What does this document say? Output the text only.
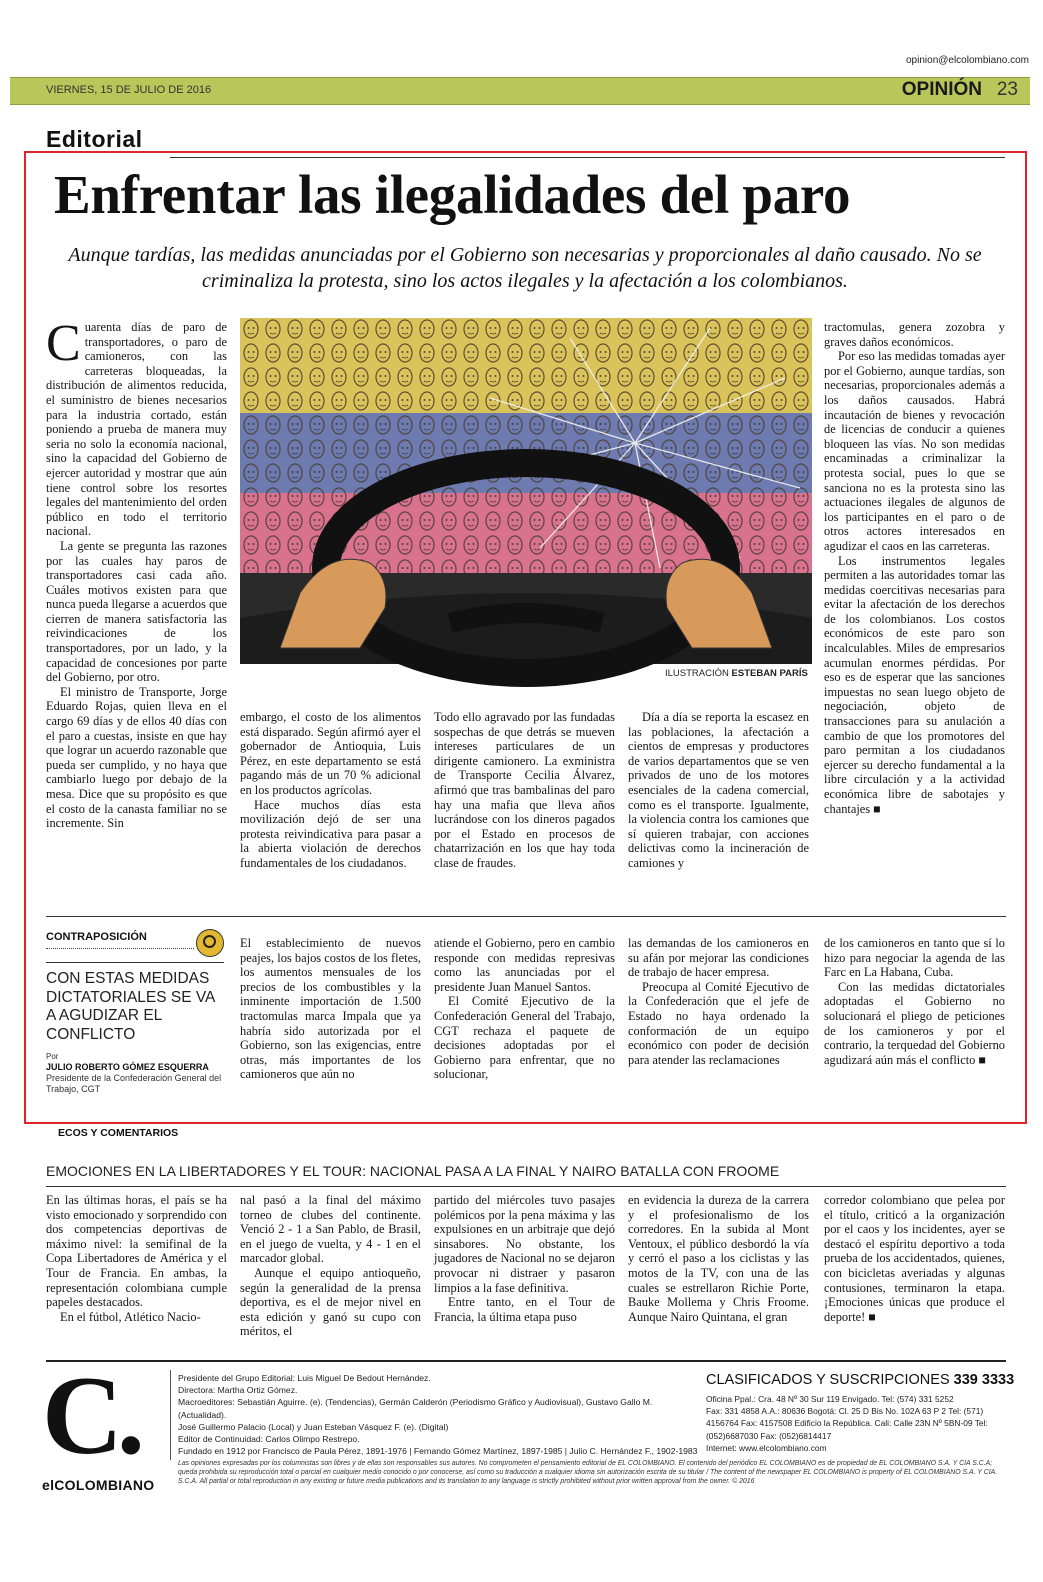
opinion@elcolombiano.com
VIERNES, 15 DE JULIO DE 2016	OPINIÓN 23
Editorial
Enfrentar las ilegalidades del paro
Aunque tardías, las medidas anunciadas por el Gobierno son necesarias y proporcionales al daño causado. No se criminaliza la protesta, sino los actos ilegales y la afectación a los colombianos.
C uarenta días de paro de transportadores, o paro de camioneros, con las carreteras bloqueadas, la distribución de alimentos reducida, el suministro de bienes necesarios para la industria cortado, están poniendo a prueba de manera muy seria no solo la economía nacional, sino la capacidad del Gobierno de ejercer autoridad y mostrar que aún tiene control sobre los resortes legales del mantenimiento del orden público en todo el territorio nacional.

La gente se pregunta las razones por las cuales hay paros de transportadores casi cada año. Cuáles motivos existen para que nunca pueda llegarse a acuerdos que cierren de manera satisfactoria las reivindicaciones de los transportadores, por un lado, y la capacidad de concesiones por parte del Gobierno, por otro.

El ministro de Transporte, Jorge Eduardo Rojas, quien lleva en el cargo 69 días y de ellos 40 días con el paro a cuestas, insiste en que hay que lograr un acuerdo razonable que pueda ser cumplido, y no haya que cambiarlo luego por debajo de la mesa. Dice que su propósito es que el costo de la canasta familiar no se incremente. Sin

ILUSTRACIÓN ESTEBAN PARÍS

embargo, el costo de los alimentos está disparado. Según afirmó ayer el gobernador de Antioquia, Luis Pérez, en este departamento se está pagando más de un 70 % adicional en los productos agrícolas.

Hace muchos días esta movilización dejó de ser una protesta reivindicativa para pasar a la abierta violación de derechos fundamentales de los ciudadanos.

Todo ello agravado por las fundadas sospechas de que detrás se mueven intereses particulares de un dirigente camionero. La exministra de Transporte Cecilia Álvarez, afirmó que tras bambalinas del paro hay una mafia que lleva años lucrándose con los dineros pagados por el Estado en procesos de chatarrización en los que hay toda clase de fraudes.

Día a día se reporta la escasez en las poblaciones, la afectación a cientos de empresas y productores de varios departamentos que se ven privados de uno de los motores esenciales de la cadena comercial, como es el transporte. Igualmente, la violencia contra los camiones que sí quieren trabajar, con acciones delictivas como la incineración de camiones y

tractomulas, genera zozobra y graves daños económicos.

Por eso las medidas tomadas ayer por el Gobierno, aunque tardías, son necesarias, proporcionales además a los daños causados. Habrá incautación de bienes y revocación de licencias de conducir a quienes bloqueen las vías. No son medidas encaminadas a criminalizar la protesta social, pues lo que se sanciona no es la protesta sino las actuaciones ilegales de algunos de los participantes en el paro o de otros actores interesados en agudizar el caos en las carreteras.

Los instrumentos legales permiten a las autoridades tomar las medidas coercitivas necesarias para evitar la afectación de los derechos de los colombianos. Los costos económicos de este paro son incalculables. Miles de empresarios acumulan enormes pérdidas. Por eso es de esperar que las sanciones impuestas no sean luego objeto de negociación, objeto de transacciones para su anulación a cambio de que los promotores del paro permitan a los ciudadanos ejercer su derecho fundamental a la libre circulación y a la actividad económica libre de sabotajes y chantajes ■

CONTRAPOSICIÓN
CON ESTAS MEDIDAS DICTATORIALES SE VA A AGUDIZAR EL CONFLICTO
Por
JULIO ROBERTO GÓMEZ ESQUERRA
Presidente de la Confederación General del Trabajo, CGT

El establecimiento de nuevos peajes, los bajos costos de los fletes, los aumentos mensuales de los precios de los combustibles y la inminente importación de 1.500 tractomulas marca Impala que ya habría sido autorizada por el Gobierno, son las exigencias, entre otras, más importantes de los camioneros que aún no

atiende el Gobierno, pero en cambio responde con medidas represivas como las anunciadas por el presidente Juan Manuel Santos.

El Comité Ejecutivo de la Confederación General del Trabajo, CGT rechaza el paquete de decisiones adoptadas por el Gobierno para enfrentar, que no solucionar,

las demandas de los camioneros en su afán por mejorar las condiciones de trabajo de hacer empresa.

Preocupa al Comité Ejecutivo de la Confederación que el jefe de Estado no haya ordenado la conformación de un equipo económico con poder de decisión para atender las reclamaciones

de los camioneros en tanto que sí lo hizo para negociar la agenda de las Farc en La Habana, Cuba.

Con las medidas dictatoriales adoptadas el Gobierno no solucionará el pliego de peticiones de los camioneros y por el contrario, la terquedad del Gobierno agudizará aún más el conflicto ■

ECOS Y COMENTARIOS
EMOCIONES EN LA LIBERTADORES Y EL TOUR: NACIONAL PASA A LA FINAL Y NAIRO BATALLA CON FROOME

En las últimas horas, el país se ha visto emocionado y sorprendido con dos competencias deportivas de máximo nivel: la semifinal de la Copa Libertadores de América y el Tour de Francia. En ambas, la representación colombiana cumple papeles destacados.

En el fútbol, Atlético Nacio-

nal pasó a la final del máximo torneo de clubes del continente. Venció 2 - 1 a San Pablo, de Brasil, en el juego de vuelta, y 4 - 1 en el marcador global.

Aunque el equipo antioqueño, según la generalidad de la prensa deportiva, es el de mejor nivel en esta edición y ganó su cupo con méritos, el

partido del miércoles tuvo pasajes polémicos por la pena máxima y las expulsiones en un arbitraje que dejó sinsabores. No obstante, los jugadores de Nacional no se dejaron provocar ni distraer y pasaron limpios a la fase definitiva.

Entre tanto, en el Tour de Francia, la última etapa puso

en evidencia la dureza de la carrera y el profesionalismo de los corredores. En la subida al Mont Ventoux, el público desbordó la vía y cerró el paso a los ciclistas y las motos de la TV, con una de las cuales se estrellaron Richie Porte, Bauke Mollema y Chris Froome. Aunque Nairo Quintana, el gran

corredor colombiano que pelea por el título, criticó a la organización por el caos y los incidentes, ayer se destacó el espíritu deportivo a toda prueba de los accidentados, quienes, con bicicletas averiadas y algunas contusiones, terminaron la etapa. ¡Emociones únicas que produce el deporte! ■

C.
elCOLOMBIANO
Presidente del Grupo Editorial: Luis Miguel De Bedout Hernández.
Directora: Martha Ortiz Gómez.
Macroeditores: Sebastián Aguirre. (e). (Tendencias), Germán Calderón (Periodismo Gráfico y Audiovisual), Gustavo Gallo M. (Actualidad).
José Guillermo Palacio (Local) y Juan Esteban Vásquez F. (e). (Digital)
Editor de Continuidad: Carlos Olimpo Restrepo.
Fundado en 1912 por Francisco de Paula Pérez, 1891-1976 | Fernando Gómez Martínez, 1897-1985 | Julio C. Hernández F., 1902-1983
CLASIFICADOS Y SUSCRIPCIONES 339 3333
Oficina Ppal.: Cra. 48 Nº 30 Sur 119 Envigado. Tel: (574) 331 5252
Fax: 331 4858 A.A.: 80636 Bogotá: Cl. 25 D Bis No. 102A 63 P 2 Tel: (571)
4156764 Fax: 4157508 Edificio la República. Cali: Calle 23N Nº 5BN-09 Tel:
(052)6687030 Fax: (052)6814417
Internet: www.elcolombiano.com
Las opiniones expresadas por los columnistas son libres y de ellas son responsables sus autores. No comprometen el pensamiento editorial de EL COLOMBIANO. El contenido del periódico EL COLOMBIANO es de propiedad de EL COLOMBIANO S.A. Y CIA S.C.A; queda prohibida su reproducción total o parcial en cualquier medio conocido o por conocerse, así como su traducción a cualquier idioma sin autorización escrita de su titular / The content of the newspaper EL COLOMBIANO is property of EL COLOMBIANO S.A. Y CIA. S.C.A. All partial or total reproduction in any existing or future media publications and its translation to any language is strictly prohibited without prior written approval from the owner. © 2016
